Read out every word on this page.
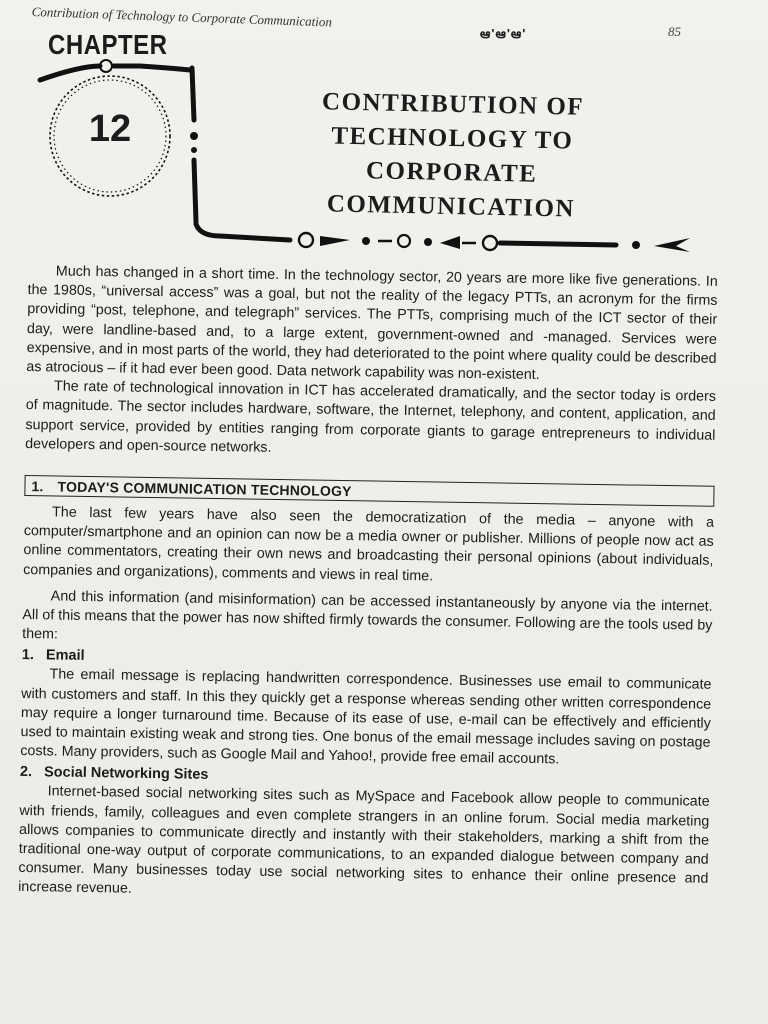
Contribution of Technology to Corporate Communication
ఆ'ఆ'ఆ'	85
CHAPTER
12
CONTRIBUTION OF
TECHNOLOGY TO
CORPORATE
COMMUNICATION

Much has changed in a short time. In the technology sector, 20 years are more like five generations. In the 1980s, “universal access” was a goal, but not the reality of the legacy PTTs, an acronym for the firms providing “post, telephone, and telegraph” services. The PTTs, comprising much of the ICT sector of their day, were landline-based and, to a large extent, government-owned and -managed. Services were expensive, and in most parts of the world, they had deteriorated to the point where quality could be described as atrocious – if it had ever been good. Data network capability was non-existent.

The rate of technological innovation in ICT has accelerated dramatically, and the sector today is orders of magnitude. The sector includes hardware, software, the Internet, telephony, and content, application, and support service, provided by entities ranging from corporate giants to garage entrepreneurs to individual developers and open-source networks.

1. TODAY'S COMMUNICATION TECHNOLOGY

The last few years have also seen the democratization of the media – anyone with a computer/smartphone and an opinion can now be a media owner or publisher. Millions of people now act as online commentators, creating their own news and broadcasting their personal opinions (about individuals, companies and organizations), comments and views in real time.

And this information (and misinformation) can be accessed instantaneously by anyone via the internet. All of this means that the power has now shifted firmly towards the consumer. Following are the tools used by them:

1. Email

The email message is replacing handwritten correspondence. Businesses use email to communicate with customers and staff. In this they quickly get a response whereas sending other written correspondence may require a longer turnaround time. Because of its ease of use, e-mail can be effectively and efficiently used to maintain existing weak and strong ties. One bonus of the email message includes saving on postage costs. Many providers, such as Google Mail and Yahoo!, provide free email accounts.

2. Social Networking Sites

Internet-based social networking sites such as MySpace and Facebook allow people to communicate with friends, family, colleagues and even complete strangers in an online forum. Social media marketing allows companies to communicate directly and instantly with their stakeholders, marking a shift from the traditional one-way output of corporate communications, to an expanded dialogue between company and consumer. Many businesses today use social networking sites to enhance their online presence and increase revenue.
